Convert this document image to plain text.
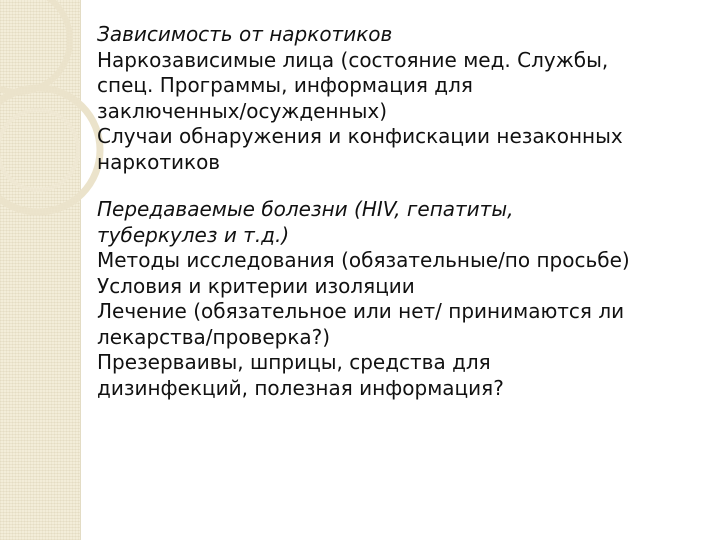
Зависимость от наркотиков

Наркозависимые лица (состояние мед. Службы,

спец. Программы, информация для

заключенных/осужденных)

Случаи обнаружения и конфискации незаконных

наркотиков

Передаваемые болезни (HIV, гепатиты,

туберкулез и т.д.)

Методы исследования (обязательные/по просьбе)

Условия и критерии изоляции

Лечение (обязательное или нет/ принимаются ли

лекарства/проверка?)

Презерваивы, шприцы, средства для

дизинфекций, полезная информация?
